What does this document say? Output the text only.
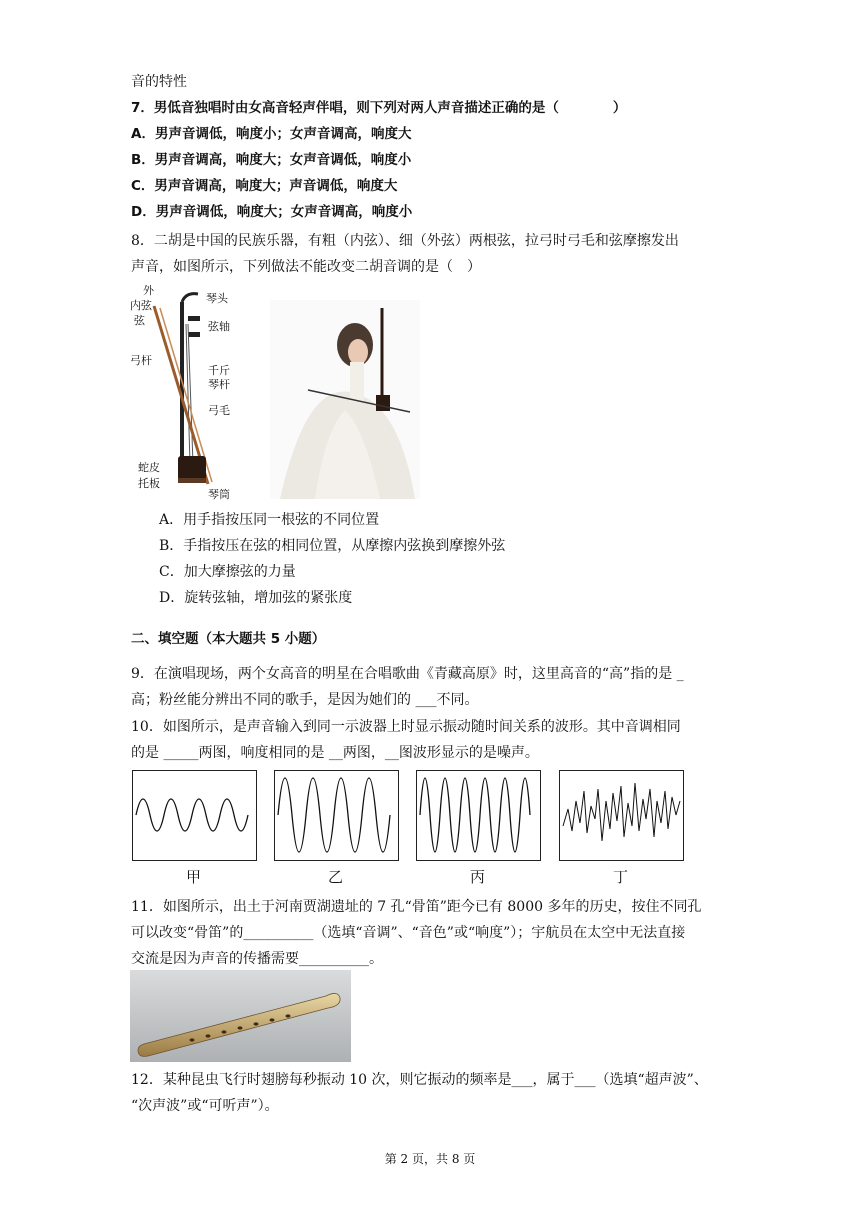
音的特性
7．男低音独唱时由女高音轻声伴唱，则下列对两人声音描述正确的是（　　　　）
A．男声音调低，响度小；女声音调高，响度大
B．男声音调高，响度大；女声音调低，响度小
C．男声音调高，响度大；声音调低，响度大
D．男声音调低，响度大；女声音调高，响度小
8．二胡是中国的民族乐器，有粗（内弦）、细（外弦）两根弦，拉弓时弓毛和弦摩擦发出
声音，如图所示，下列做法不能改变二胡音调的是（　）
外
内弦
弦
琴头
弦轴
弓杆
千斤
琴杆
弓毛
蛇皮
托板
琴筒
A．用手指按压同一根弦的不同位置
B．手指按压在弦的相同位置，从摩擦内弦换到摩擦外弦
C．加大摩擦弦的力量
D．旋转弦轴，增加弦的紧张度
二、填空题（本大题共 5 小题）
9．在演唱现场，两个女高音的明星在合唱歌曲《青藏高原》时，这里高音的“高”指的是 _
高；粉丝能分辨出不同的歌手，是因为她们的 ___不同。
10．如图所示，是声音输入到同一示波器上时显示振动随时间关系的波形。其中音调相同
的是 _____两图，响度相同的是 __两图，__图波形显示的是噪声。
甲	乙	丙	丁
11．如图所示，出土于河南贾湖遗址的 7 孔“骨笛”距今已有 8000 多年的历史，按住不同孔
可以改变“骨笛”的__________（选填“音调”、“音色”或“响度”）；宇航员在太空中无法直接
交流是因为声音的传播需要__________。
12．某种昆虫飞行时翅膀每秒振动 10 次，则它振动的频率是___，属于___（选填“超声波”、
“次声波”或“可听声”）。
第 2 页，共 8 页
